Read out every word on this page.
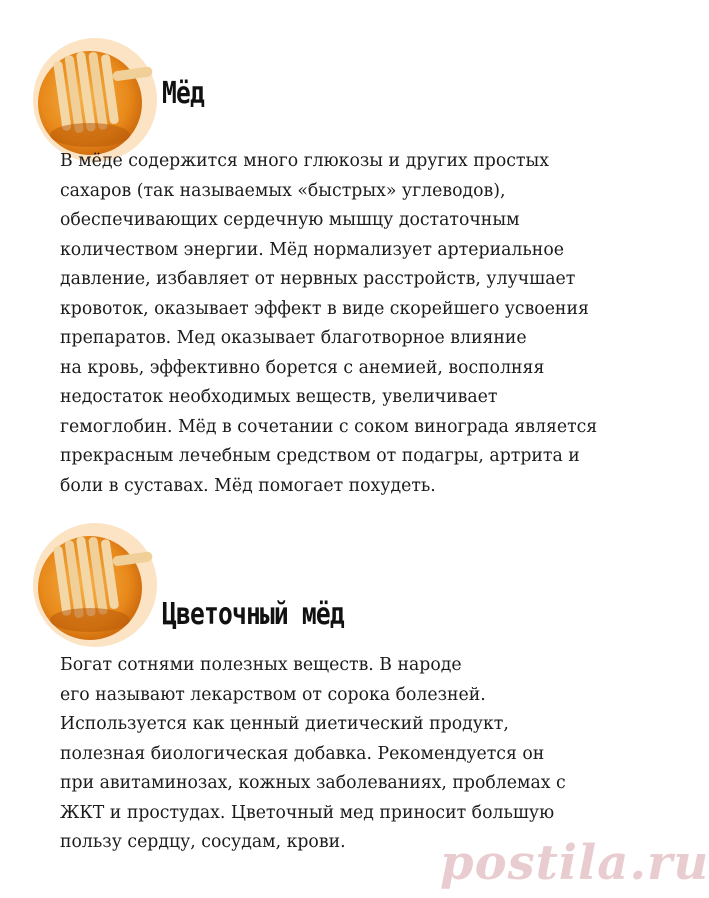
Мёд

В мёде содержится много глюкозы и других простых
сахаров (так называемых «быстрых» углеводов),
обеспечивающих сердечную мышцу достаточным
количеством энергии. Мёд нормализует артериальное
давление, избавляет от нервных расстройств, улучшает
кровоток, оказывает эффект в виде скорейшего усвоения
препаратов. Мед оказывает благотворное влияние
на кровь, эффективно борется с анемией, восполняя
недостаток необходимых веществ, увеличивает
гемоглобин. Мёд в сочетании с соком винограда является
прекрасным лечебным средством от подагры, артрита и
боли в суставах. Мёд помогает похудеть.

Цветочный мёд

Богат сотнями полезных веществ. В народе
его называют лекарством от сорока болезней.
Используется как ценный диетический продукт,
полезная биологическая добавка. Рекомендуется он
при авитаминозах, кожных заболеваниях, проблемах с
ЖКТ и простудах. Цветочный мед приносит большую
пользу сердцу, сосудам, крови.	postila.ru
